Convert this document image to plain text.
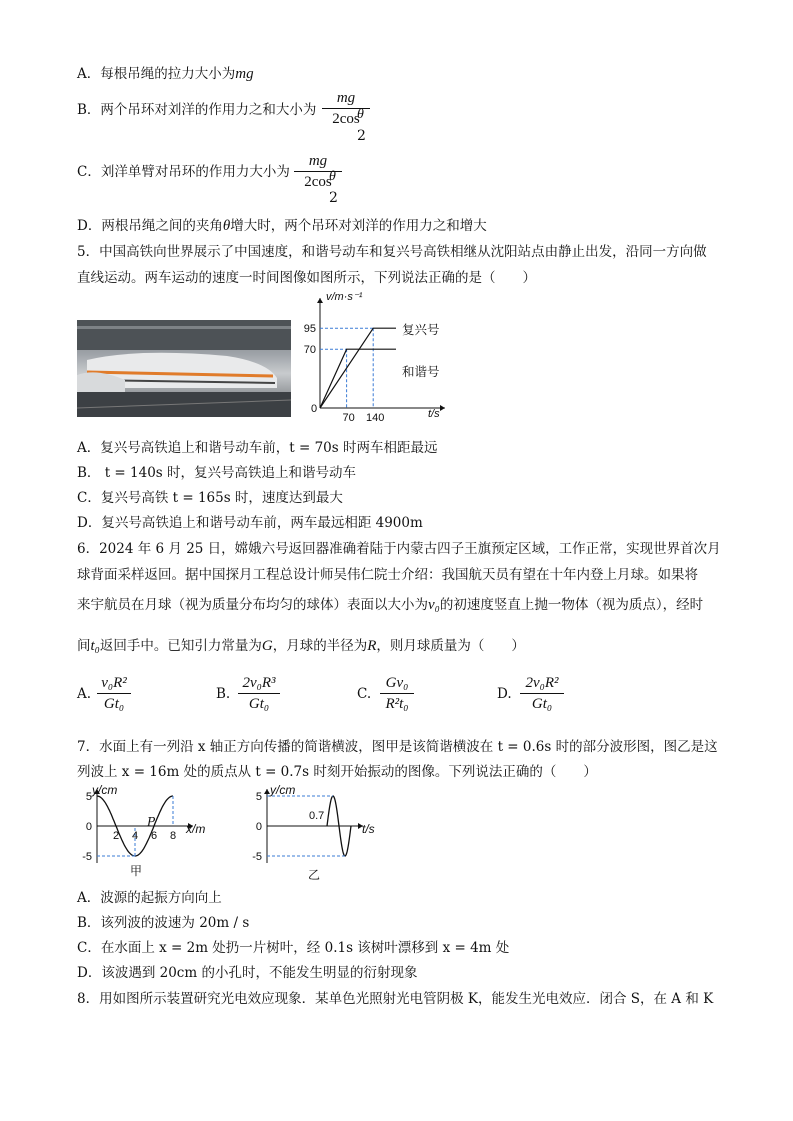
A．每根吊绳的拉力大小为mg
B．两个吊环对刘洋的作用力之和大小为
mg
2cos
θ
2
C．刘洋单臂对吊环的作用力大小为
mg
2cos
θ
2
D．两根吊绳之间的夹角θ增大时，两个吊环对刘洋的作用力之和增大
5．中国高铁向世界展示了中国速度，和谐号动车和复兴号高铁相继从沈阳站点由静止出发，沿同一方向做
直线运动。两车运动的速度一时间图像如图所示，下列说法正确的是（　　）
95
70
0
70 140
v/m·s⁻¹
复兴号
和谐号
t/s
A．复兴号高铁追上和谐号动车前，t = 70s 时两车相距最远
B． t = 140s 时，复兴号高铁追上和谐号动车
C．复兴号高铁 t = 165s 时，速度达到最大
D．复兴号高铁追上和谐号动车前，两车最远相距 4900m
6．2024 年 6 月 25 日，嫦娥六号返回器准确着陆于内蒙古四子王旗预定区域，工作正常，实现世界首次月
球背面采样返回。据中国探月工程总设计师吴伟仁院士介绍：我国航天员有望在十年内登上月球。如果将
来宇航员在月球（视为质量分布均匀的球体）表面以大小为v₀的初速度竖直上抛一物体（视为质点），经时
间t₀返回手中。已知引力常量为G，月球的半径为R，则月球质量为（　　）
A.
v₀R²
Gt₀
B.
2v₀R³
Gt₀
C.
Gv₀
R²t₀
D.
2v₀R²
Gt₀
7．水面上有一列沿 x 轴正方向传播的简谐横波，图甲是该简谐横波在 t = 0.6s 时的部分波形图，图乙是这
列波上 x = 16m 处的质点从 t = 0.7s 时刻开始振动的图像。下列说法正确的（　　）
5
0
-5
2 4 6 8
y/cm
x/m
P
甲
5
0
-5
y/cm
t/s
0.7
乙
A．波源的起振方向向上
B．该列波的波速为 20m / s
C．在水面上 x = 2m 处扔一片树叶，经 0.1s 该树叶漂移到 x = 4m 处
D．该波遇到 20cm 的小孔时，不能发生明显的衍射现象
8．用如图所示装置研究光电效应现象．某单色光照射光电管阴极 K，能发生光电效应．闭合 S，在 A 和 K
